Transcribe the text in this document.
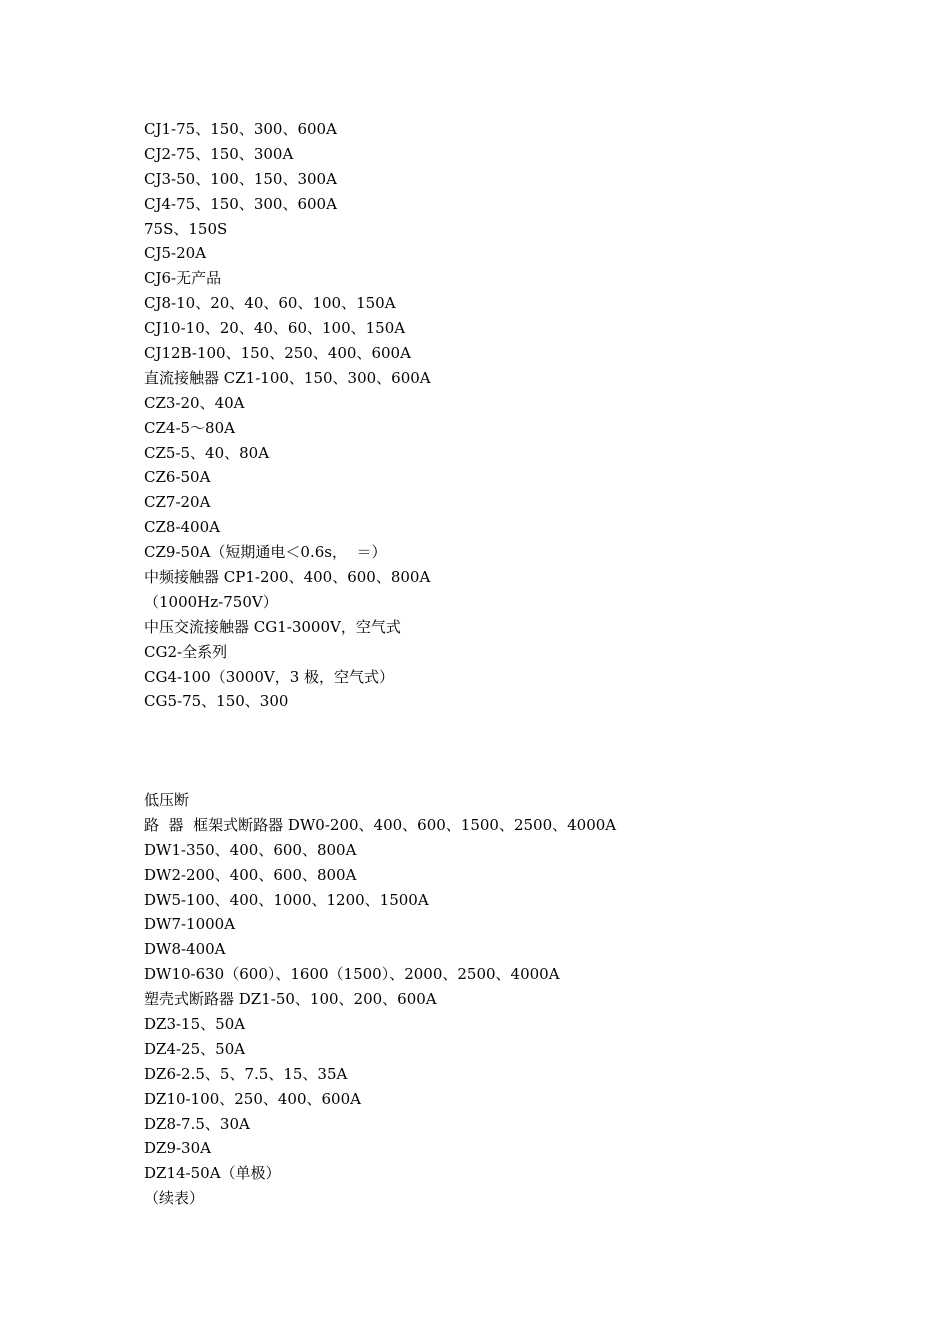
CJ1-75、150、300、600A
CJ2-75、150、300A
CJ3-50、100、150、300A
CJ4-75、150、300、600A
75S、150S
CJ5-20A
CJ6-无产品
CJ8-10、20、40、60、100、150A
CJ10-10、20、40、60、100、150A
CJ12B-100、150、250、400、600A
直流接触器 CZ1-100、150、300、600A
CZ3-20、40A
CZ4-5～80A
CZ5-5、40、80A
CZ6-50A
CZ7-20A
CZ8-400A
CZ9-50A（短期通电＜0.6s，  ＝）
中频接触器 CP1-200、400、600、800A
（1000Hz-750V）
中压交流接触器 CG1-3000V，空气式
CG2-全系列
CG4-100（3000V，3 极，空气式）
CG5-75、150、300
低压断
路  器  框架式断路器 DW0-200、400、600、1500、2500、4000A
DW1-350、400、600、800A
DW2-200、400、600、800A
DW5-100、400、1000、1200、1500A
DW7-1000A
DW8-400A
DW10-630（600）、1600（1500）、2000、2500、4000A
塑壳式断路器 DZ1-50、100、200、600A
DZ3-15、50A
DZ4-25、50A
DZ6-2.5、5、7.5、15、35A
DZ10-100、250、400、600A
DZ8-7.5、30A
DZ9-30A
DZ14-50A（单极）
（续表）
